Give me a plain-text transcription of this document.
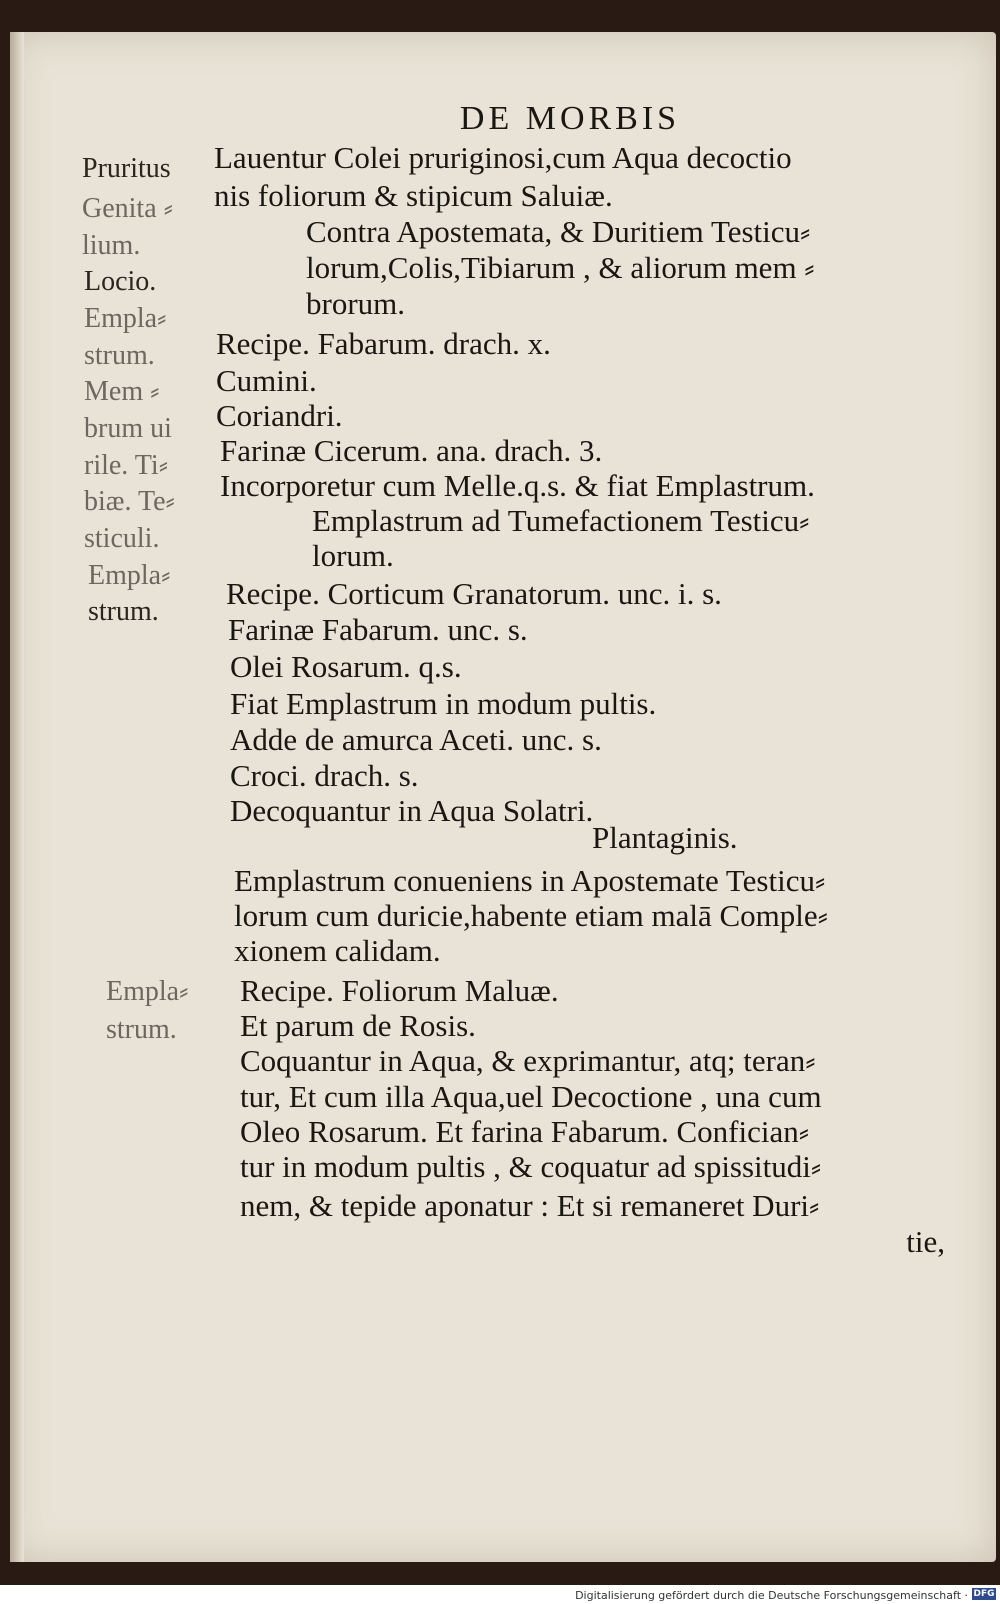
DE MORBIS
Pruritus
Genita ⸗
lium.
Locio.
Empla⸗
strum.
Mem ⸗
brum ui
rile. Ti⸗
biæ. Te⸗
sticuli.
Empla⸗
strum.
Empla⸗
strum.
Lauentur Colei pruriginosi,cum Aqua decoctio
nis foliorum & stipicum Saluiæ.
Contra Apostemata, & Duritiem Testicu⸗
lorum,Colis,Tibiarum , & aliorum mem ⸗
brorum.
Recipe. Fabarum. drach. x.
Cumini.
Coriandri.
Farinæ Cicerum. ana. drach. 3.
Incorporetur cum Melle.q.s. & fiat Emplastrum.
Emplastrum ad Tumefactionem Testicu⸗
lorum.
Recipe. Corticum Granatorum. unc. i. s.
Farinæ Fabarum. unc. s.
Olei Rosarum. q.s.
Fiat Emplastrum in modum pultis.
Adde de amurca Aceti. unc. s.
Croci. drach. s.
Decoquantur in Aqua Solatri.
Plantaginis.
Emplastrum conueniens in Apostemate Testicu⸗
lorum cum duricie,habente etiam malā Comple⸗
xionem calidam.
Recipe. Foliorum Maluæ.
Et parum de Rosis.
Coquantur in Aqua, & exprimantur, atq; teran⸗
tur, Et cum illa Aqua,uel Decoctione , una cum
Oleo Rosarum. Et farina Fabarum. Confician⸗
tur in modum pultis , & coquatur ad spissitudi⸗
nem, & tepide aponatur : Et si remaneret Duri⸗
tie,
Digitalisierung gefördert durch die Deutsche Forschungsgemeinschaft · DFG
